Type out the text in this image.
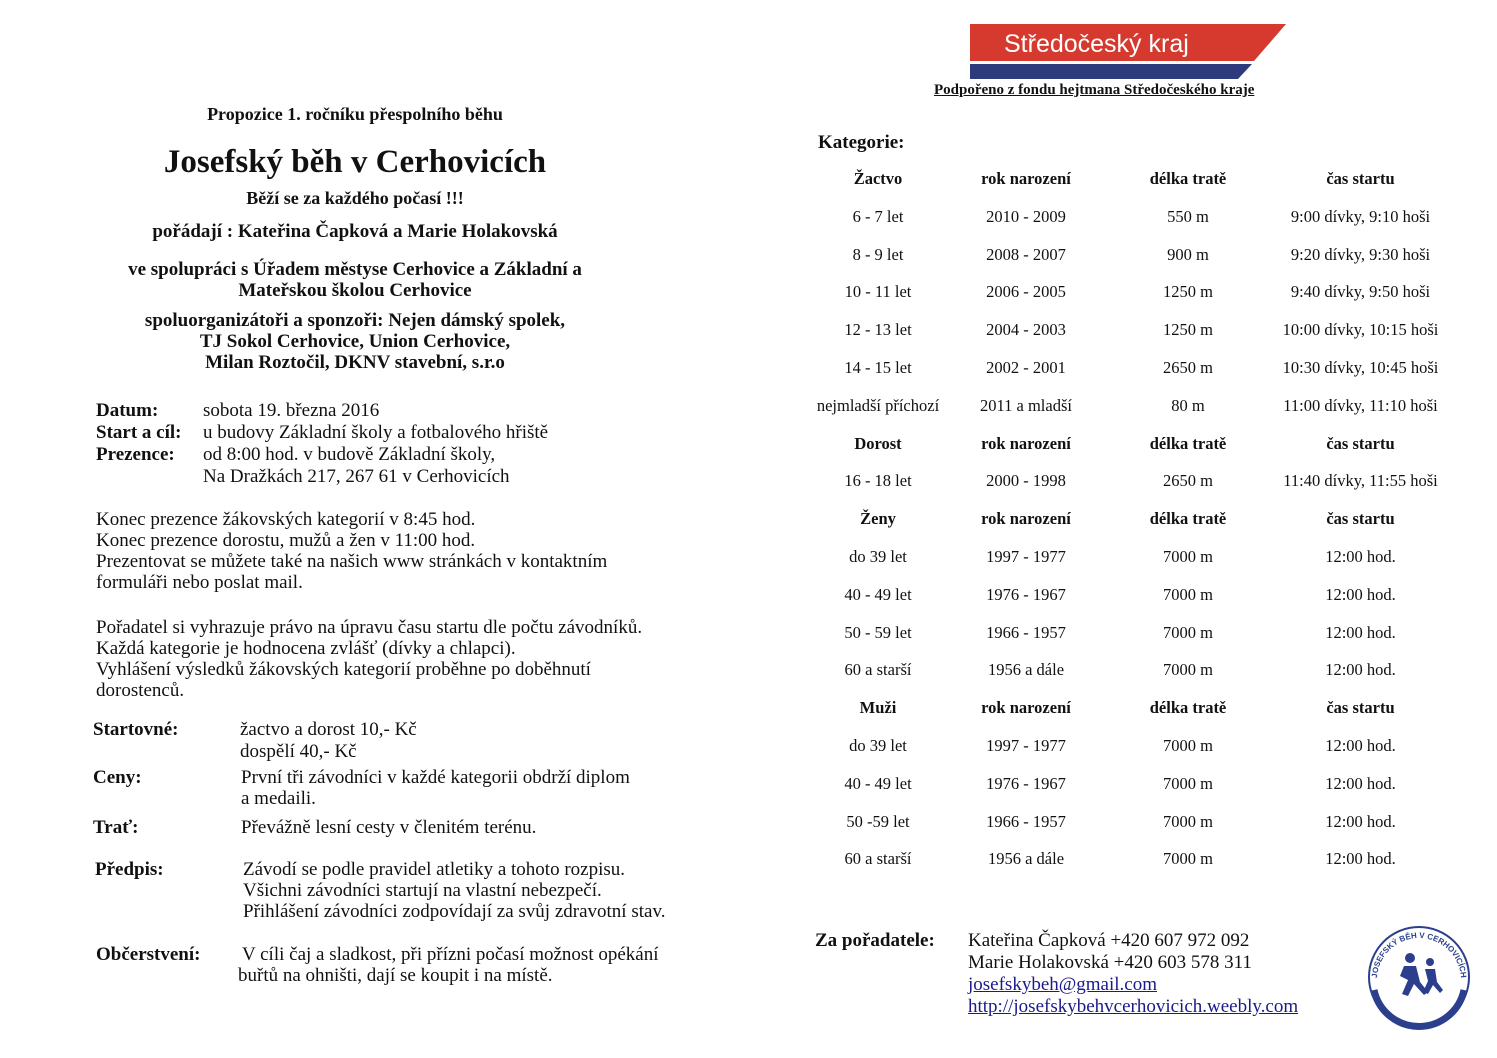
Propozice 1. ročníku přespolního běhu
Josefský běh v Cerhovicích
Běží se za každého počasí !!!
pořádají : Kateřina Čapková a Marie Holakovská
ve spolupráci s Úřadem městyse Cerhovice a Základní a
Mateřskou školou Cerhovice
spoluorganizátoři a sponzoři: Nejen dámský spolek,
TJ Sokol Cerhovice, Union Cerhovice,
Milan Roztočil, DKNV stavební, s.r.o
Datum:	sobota 19. března 2016
Start a cíl:	u budovy Základní školy a fotbalového hřiště
Prezence:	od 8:00 hod. v budově Základní školy,
Na Dražkách 217, 267 61 v Cerhovicích
Konec prezence žákovských kategorií v 8:45 hod.
Konec prezence dorostu, mužů a žen v 11:00 hod.
Prezentovat se můžete také na našich www stránkách v kontaktním
formuláři nebo poslat mail.
Pořadatel si vyhrazuje právo na úpravu času startu dle počtu závodníků.
Každá kategorie je hodnocena zvlášť (dívky a chlapci).
Vyhlášení výsledků žákovských kategorií proběhne po doběhnutí
dorostenců.
Startovné:	žactvo a dorost 10,- Kč
dospělí 40,- Kč
Ceny:	První tři závodníci v každé kategorii obdrží diplom
a medaili.
Trať:	Převážně lesní cesty v členitém terénu.
Předpis:	Závodí se podle pravidel atletiky a tohoto rozpisu.
Všichni závodníci startují na vlastní nebezpečí.
Přihlášení závodníci zodpovídají za svůj zdravotní stav.
Občerstvení: V cíli čaj a sladkost, při přízni počasí možnost opékání
buřtů na ohništi, dají se koupit i na místě.
Středočeský kraj
Podpořeno z fondu hejtmana Středočeského kraje
Kategorie:
Žactvo	rok narození	délka tratě	čas startu
6 - 7 let	2010 - 2009	550 m	9:00 dívky, 9:10 hoši
8 - 9 let	2008 - 2007	900 m	9:20 dívky, 9:30 hoši
10 - 11 let	2006 - 2005	1250 m	9:40 dívky, 9:50 hoši
12 - 13 let	2004 - 2003	1250 m	10:00 dívky, 10:15 hoši
14 - 15 let	2002 - 2001	2650 m	10:30 dívky, 10:45 hoši
nejmladší příchozí	2011 a mladší	80 m	11:00 dívky, 11:10 hoši
Dorost	rok narození	délka tratě	čas startu
16 - 18 let	2000 - 1998	2650 m	11:40 dívky, 11:55 hoši
Ženy	rok narození	délka tratě	čas startu
do 39 let	1997 - 1977	7000 m	12:00 hod.
40 - 49 let	1976 - 1967	7000 m	12:00 hod.
50 - 59 let	1966 - 1957	7000 m	12:00 hod.
60 a starší	1956 a dále	7000 m	12:00 hod.
Muži	rok narození	délka tratě	čas startu
do 39 let	1997 - 1977	7000 m	12:00 hod.
40 - 49 let	1976 - 1967	7000 m	12:00 hod.
50 -59 let	1966 - 1957	7000 m	12:00 hod.
60 a starší	1956 a dále	7000 m	12:00 hod.
Za pořadatele: Kateřina Čapková +420 607 972 092
Marie Holakovská +420 603 578 311
josefskybeh@gmail.com
http://josefskybehvcerhovicich.weebly.com
JOSEFSKÝ BĚH V CERHOVICÍCH
